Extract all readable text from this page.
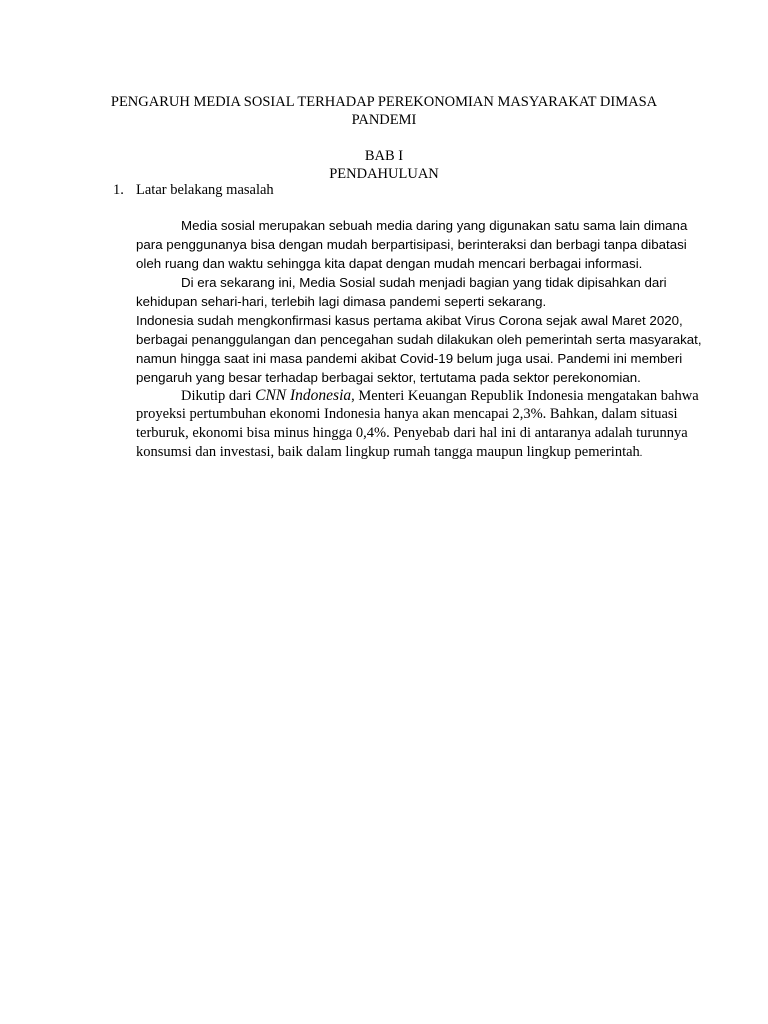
PENGARUH MEDIA SOSIAL TERHADAP PEREKONOMIAN MASYARAKAT DIMASA
PANDEMI
BAB I
PENDAHULUAN
1. Latar belakang masalah
Media sosial merupakan sebuah media daring yang digunakan satu sama lain dimana
para penggunanya bisa dengan mudah berpartisipasi, berinteraksi dan berbagi tanpa dibatasi
oleh ruang dan waktu sehingga kita dapat dengan mudah mencari berbagai informasi.
Di era sekarang ini, Media Sosial sudah menjadi bagian yang tidak dipisahkan dari
kehidupan sehari-hari, terlebih lagi dimasa pandemi seperti sekarang.
Indonesia sudah mengkonfirmasi kasus pertama akibat Virus Corona sejak awal Maret 2020,
berbagai penanggulangan dan pencegahan sudah dilakukan oleh pemerintah serta masyarakat,
namun hingga saat ini masa pandemi akibat Covid-19 belum juga usai. Pandemi ini memberi
pengaruh yang besar terhadap berbagai sektor, tertutama pada sektor perekonomian.
Dikutip dari CNN Indonesia, Menteri Keuangan Republik Indonesia mengatakan bahwa
proyeksi pertumbuhan ekonomi Indonesia hanya akan mencapai 2,3%. Bahkan, dalam situasi
terburuk, ekonomi bisa minus hingga 0,4%. Penyebab dari hal ini di antaranya adalah turunnya
konsumsi dan investasi, baik dalam lingkup rumah tangga maupun lingkup pemerintah.
